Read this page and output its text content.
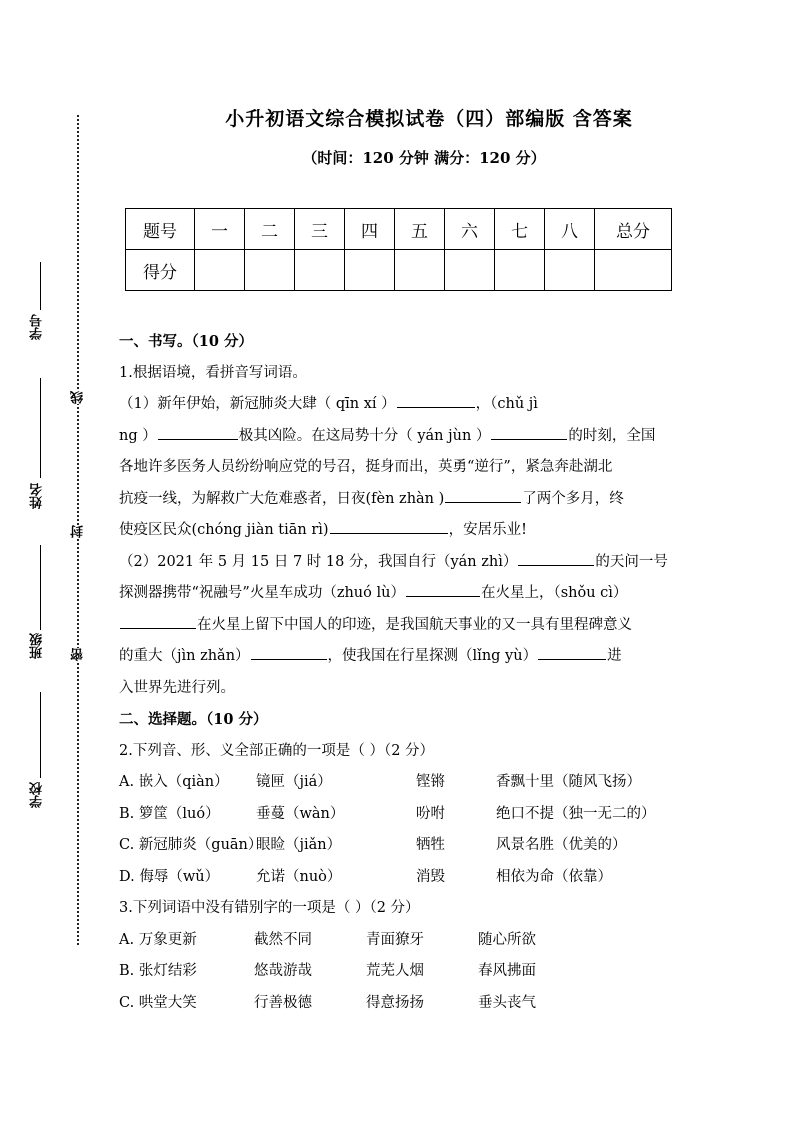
学号
姓名
班级
学校
线
封
密
小升初语文综合模拟试卷（四）部编版 含答案
（时间：120 分钟 满分：120 分）
题号	一	二	三	四	五	六	七	八	总分
得分									
一、书写。（10 分）
1.根据语境，看拼音写词语。
（1）新年伊始，新冠肺炎大肆（ qīn xí ）	，（chǔ jì
ng ）	极其凶险。在这局势十分（ yán jùn ）	的时刻，全国
各地许多医务人员纷纷响应党的号召，挺身而出，英勇“逆行”，紧急奔赴湖北
抗疫一线，为解救广大危难惑者，日夜(fèn zhàn )	了两个多月，终
使疫区民众(chóng jiàn tiān rì)	，安居乐业!
（2）2021 年 5 月 15 日 7 时 18 分，我国自行（yán zhì）	的天问一号
探测器携带“祝融号”火星车成功（zhuó lù）	在火星上，（shǒu cì）
在火星上留下中国人的印迹，是我国航天事业的又一具有里程碑意义
的重大（jìn zhǎn）	，使我国在行星探测（lǐng yù）	进
入世界先进行列。
二、选择题。（10 分）
2.下列音、形、义全部正确的一项是（ ）（2 分）
A. 嵌入（qiàn） 镜匣（jiá）	铿锵	香飘十里（随风飞扬）
B. 箩筐（luó）	垂蔓（wàn）	吩咐	绝口不提（独一无二的）
C. 新冠肺炎（guān）眼睑（jiǎn）	牺牲	风景名胜（优美的）
D. 侮辱（wǔ）	允诺（nuò）	消毁	相依为命（依靠）
3.下列词语中没有错别字的一项是（ ）（2 分）
A. 万象更新	截然不同	青面獠牙	随心所欲
B. 张灯结彩	悠哉游哉	荒芜人烟	春风拂面
C. 哄堂大笑	行善极德	得意扬扬	垂头丧气
